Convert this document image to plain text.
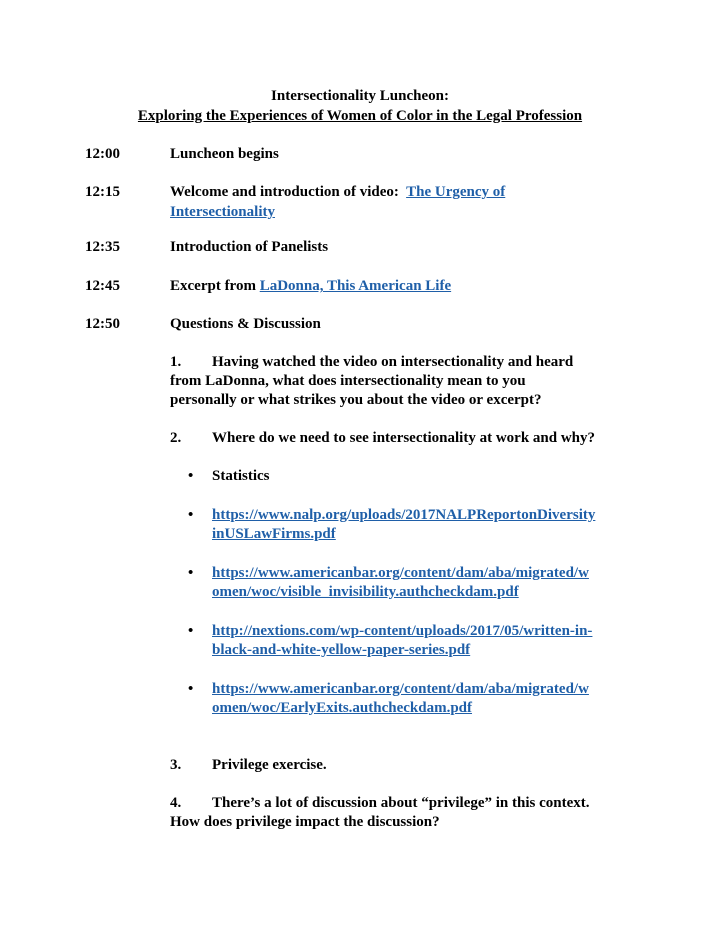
Intersectionality Luncheon:
Exploring the Experiences of Women of Color in the Legal Profession
12:00	Luncheon begins
12:15	Welcome and introduction of video: The Urgency of
Intersectionality
12:35	Introduction of Panelists
12:45	Excerpt from LaDonna, This American Life
12:50	Questions & Discussion
1. Having watched the video on intersectionality and heard
from LaDonna, what does intersectionality mean to you
personally or what strikes you about the video or excerpt?
2. Where do we need to see intersectionality at work and why?
• Statistics
• https://www.nalp.org/uploads/2017NALPReportonDiversity
inUSLawFirms.pdf
• https://www.americanbar.org/content/dam/aba/migrated/w
omen/woc/visible_invisibility.authcheckdam.pdf
• http://nextions.com/wp-content/uploads/2017/05/written-in-
black-and-white-yellow-paper-series.pdf
• https://www.americanbar.org/content/dam/aba/migrated/w
omen/woc/EarlyExits.authcheckdam.pdf
3. Privilege exercise.
4. There’s a lot of discussion about “privilege” in this context.
How does privilege impact the discussion?
